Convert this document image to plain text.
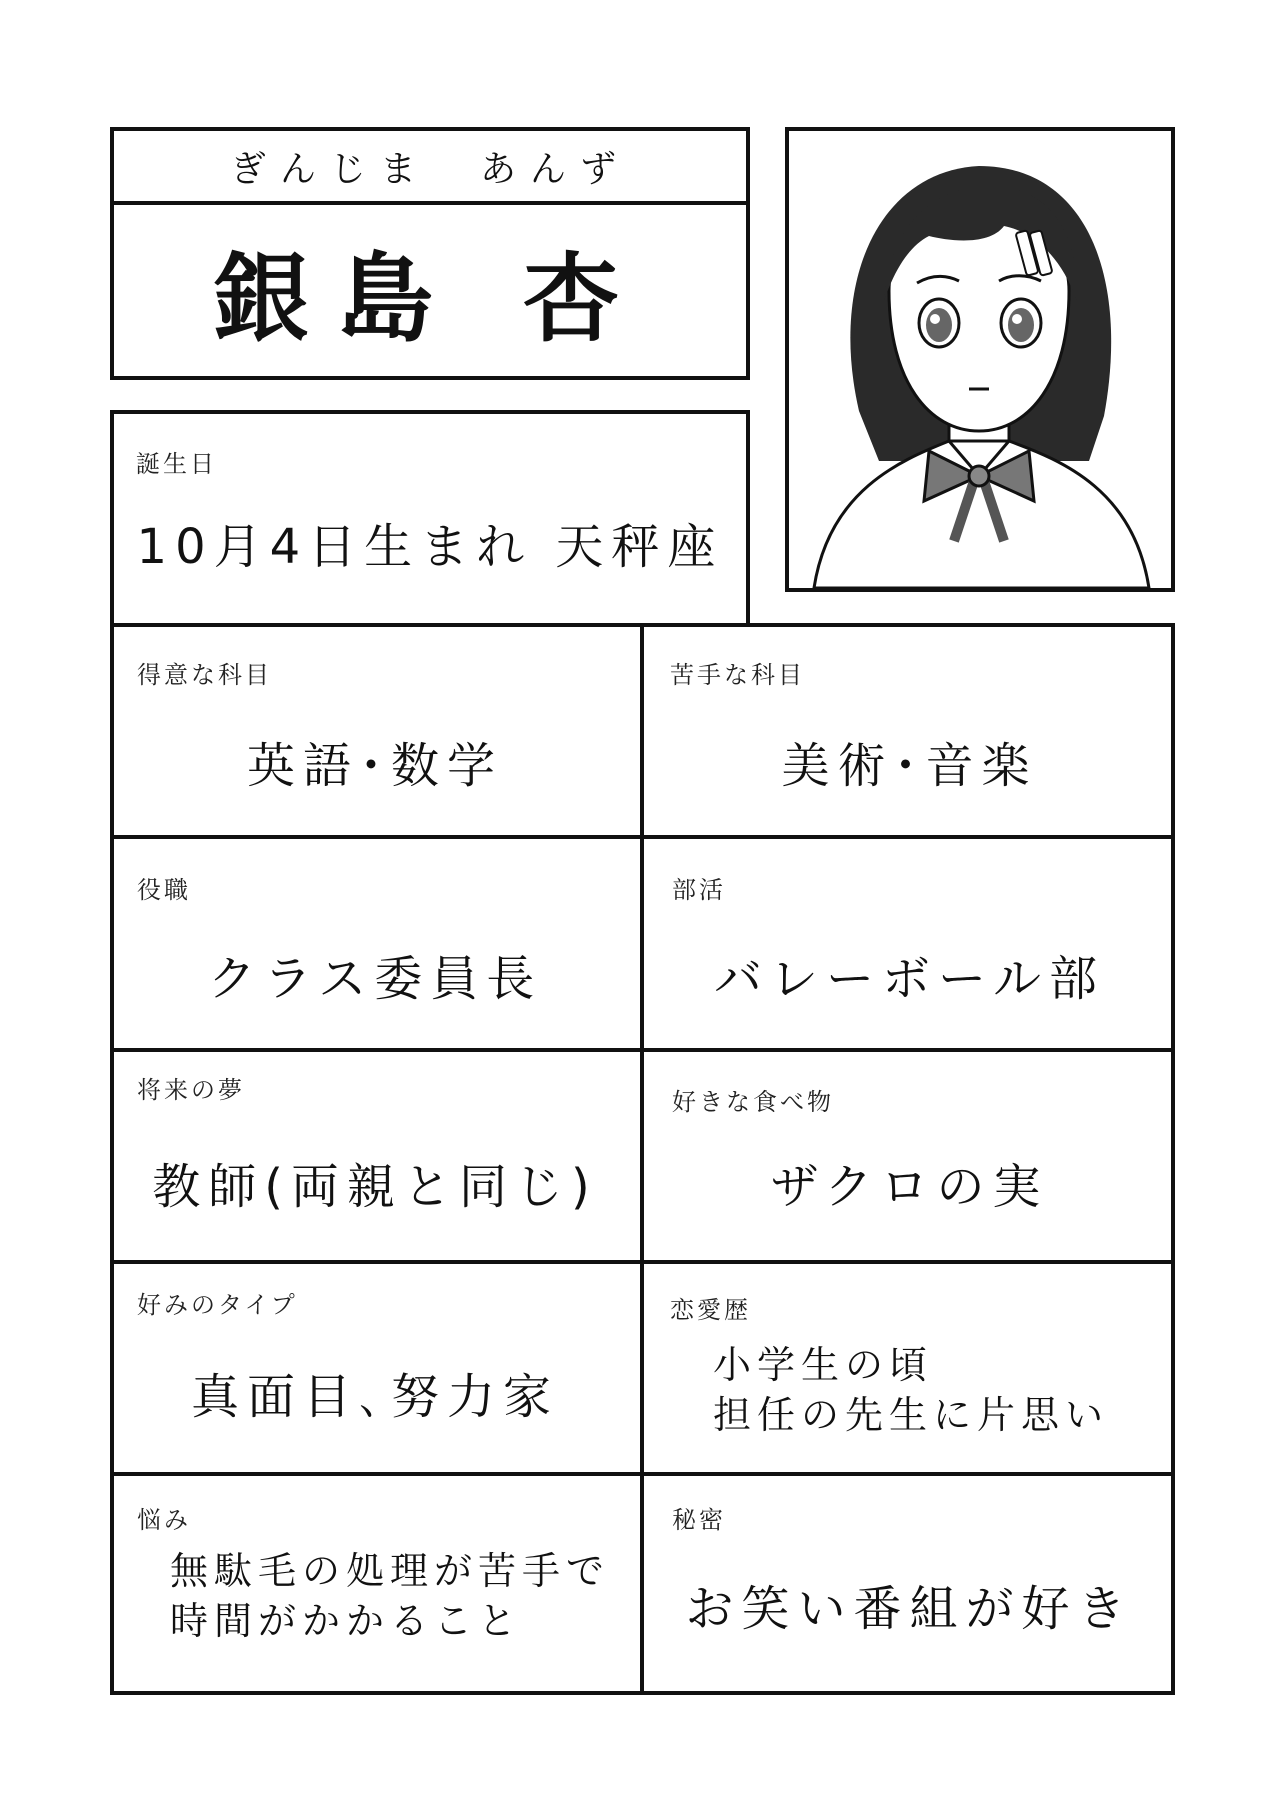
ぎんじま　あんず
銀島 杏
誕生日
10月4日生まれ 天秤座
得意な科目
英語･数学
苦手な科目
美術･音楽
役職
クラス委員長
部活
バレーボール部
将来の夢
教師(両親と同じ)
好きな食べ物
ザクロの実
好みのタイプ
真面目､努力家
恋愛歴
小学生の頃
担任の先生に片思い
悩み
無駄毛の処理が苦手で
時間がかかること
秘密
お笑い番組が好き
